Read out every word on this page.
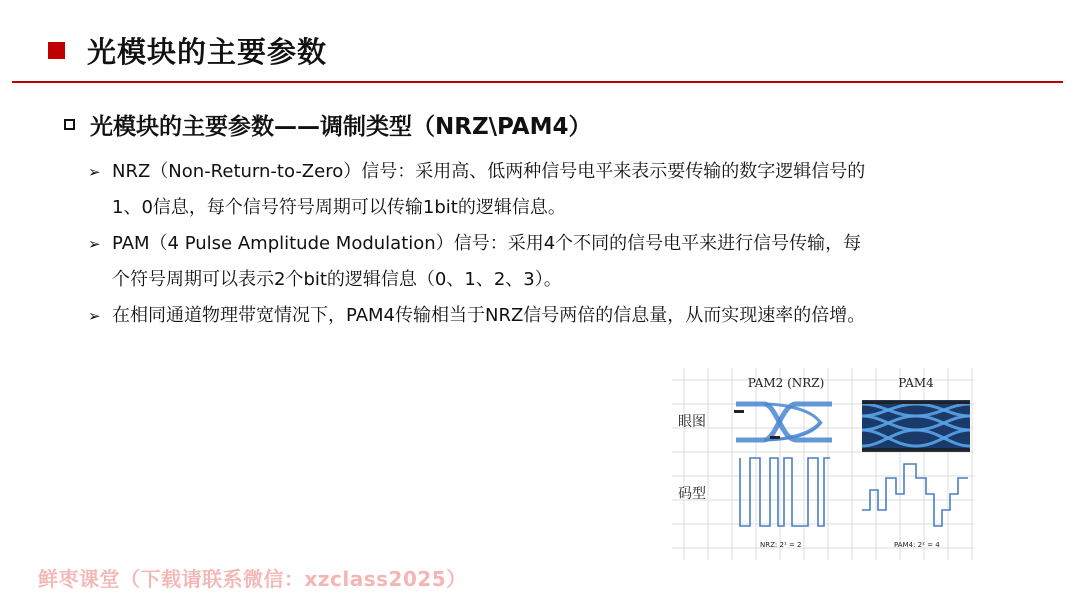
光模块的主要参数
光模块的主要参数——调制类型（NRZ\PAM4）
➢ NRZ（Non-Return-to-Zero）信号：采用高、低两种信号电平来表示要传输的数字逻辑信号的
1、0信息，每个信号符号周期可以传输1bit的逻辑信息。
➢ PAM（4 Pulse Amplitude Modulation）信号：采用4个不同的信号电平来进行信号传输，每
个符号周期可以表示2个bit的逻辑信息（0、1、2、3）。
➢ 在相同通道物理带宽情况下，PAM4传输相当于NRZ信号两倍的信息量，从而实现速率的倍增。
PAM2 (NRZ)	PAM4
眼图
码型
NRZ: 2¹ = 2	PAM4: 2² = 4
鲜枣课堂（下载请联系微信：xzclass2025）
